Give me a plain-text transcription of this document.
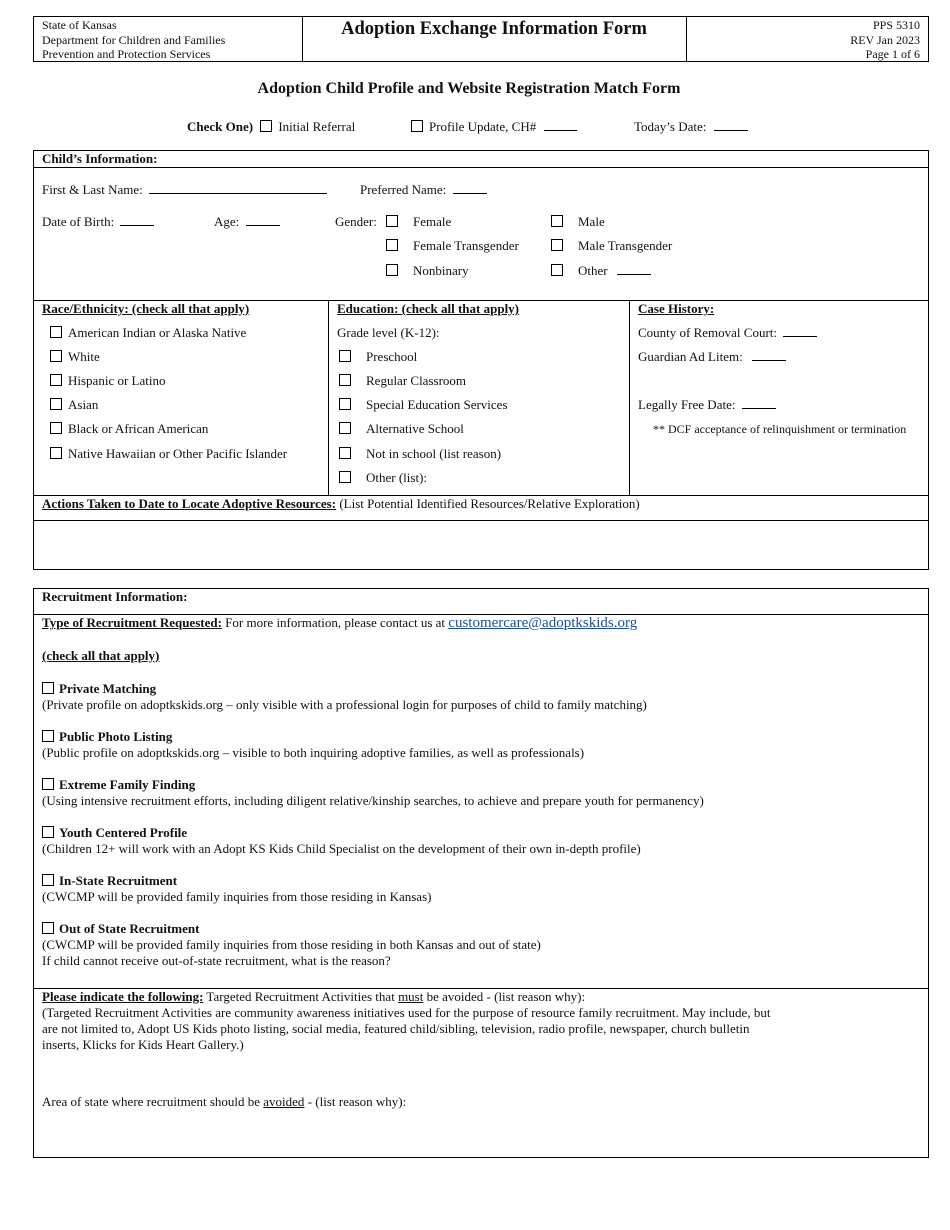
State of Kansas
Department for Children and Families
Prevention and Protection Services
Adoption Exchange Information Form	PPS 5310
REV Jan 2023
Page 1 of 6
Adoption Child Profile and Website Registration Match Form
Check One) Initial Referral	Profile Update, CH#	Today’s Date:
Child’s Information:
First & Last Name:	Preferred Name:
Date of Birth:	Age:	Gender:	Female	Male
Female Transgender	Male Transgender
Nonbinary	Other
Race/Ethnicity: (check all that apply)
American Indian or Alaska Native
White
Hispanic or Latino
Asian
Black or African American
Native Hawaiian or Other Pacific Islander
Education: (check all that apply)
Grade level (K-12):
Preschool
Regular Classroom
Special Education Services
Alternative School
Not in school (list reason)
Other (list):
Case History:
County of Removal Court:
Guardian Ad Litem:
Legally Free Date:
** DCF acceptance of relinquishment or termination
Actions Taken to Date to Locate Adoptive Resources: (List Potential Identified Resources/Relative Exploration)
Recruitment Information:
Type of Recruitment Requested: For more information, please contact us at customercare@adoptkskids.org
(check all that apply)
Private Matching
(Private profile on adoptkskids.org – only visible with a professional login for purposes of child to family matching)
Public Photo Listing
(Public profile on adoptkskids.org – visible to both inquiring adoptive families, as well as professionals)
Extreme Family Finding
(Using intensive recruitment efforts, including diligent relative/kinship searches, to achieve and prepare youth for permanency)
Youth Centered Profile
(Children 12+ will work with an Adopt KS Kids Child Specialist on the development of their own in-depth profile)
In-State Recruitment
(CWCMP will be provided family inquiries from those residing in Kansas)
Out of State Recruitment
(CWCMP will be provided family inquiries from those residing in both Kansas and out of state)
If child cannot receive out-of-state recruitment, what is the reason?
Please indicate the following: Targeted Recruitment Activities that must be avoided - (list reason why):
(Targeted Recruitment Activities are community awareness initiatives used for the purpose of resource family recruitment. May include, but
are not limited to, Adopt US Kids photo listing, social media, featured child/sibling, television, radio profile, newspaper, church bulletin
inserts, Klicks for Kids Heart Gallery.)
Area of state where recruitment should be avoided - (list reason why):
